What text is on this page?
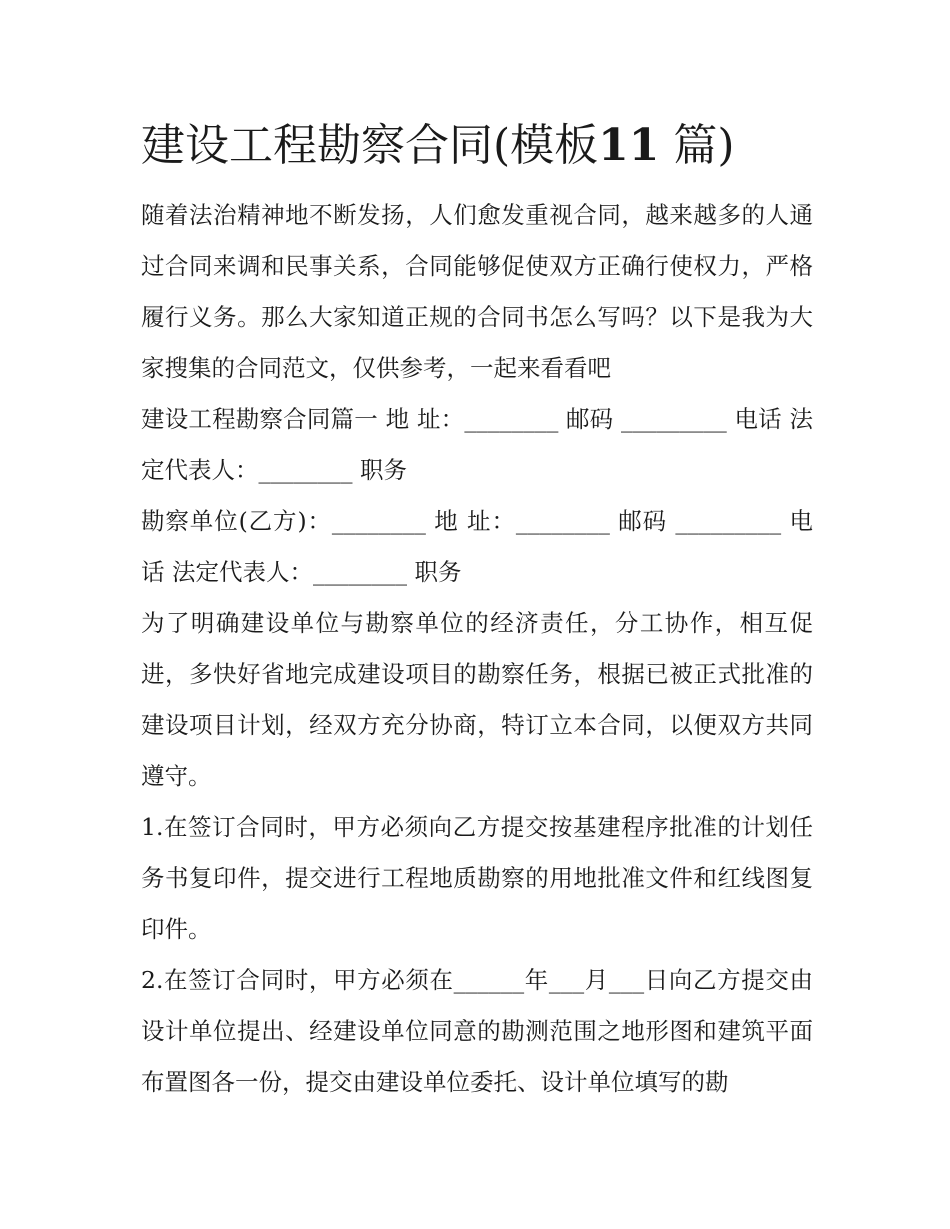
建设工程勘察合同(模板11 篇)

随着法治精神地不断发扬，人们愈发重视合同，越来越多的人通过合同来调和民事关系，合同能够促使双方正确行使权力，严格履行义务。那么大家知道正规的合同书怎么写吗？以下是我为大家搜集的合同范文，仅供参考，一起来看看吧

建设工程勘察合同篇一 地 址：________ 邮码 _________ 电话 法定代表人：________ 职务

勘察单位(乙方)：________ 地 址：________ 邮码 _________ 电话 法定代表人：________ 职务

为了明确建设单位与勘察单位的经济责任，分工协作，相互促进，多快好省地完成建设项目的勘察任务，根据已被正式批准的建设项目计划，经双方充分协商，特订立本合同，以便双方共同遵守。

1.在签订合同时，甲方必须向乙方提交按基建程序批准的计划任务书复印件，提交进行工程地质勘察的用地批准文件和红线图复印件。

2.在签订合同时，甲方必须在______年___月___日向乙方提交由设计单位提出、经建设单位同意的勘测范围之地形图和建筑平面布置图各一份，提交由建设单位委托、设计单位填写的勘
